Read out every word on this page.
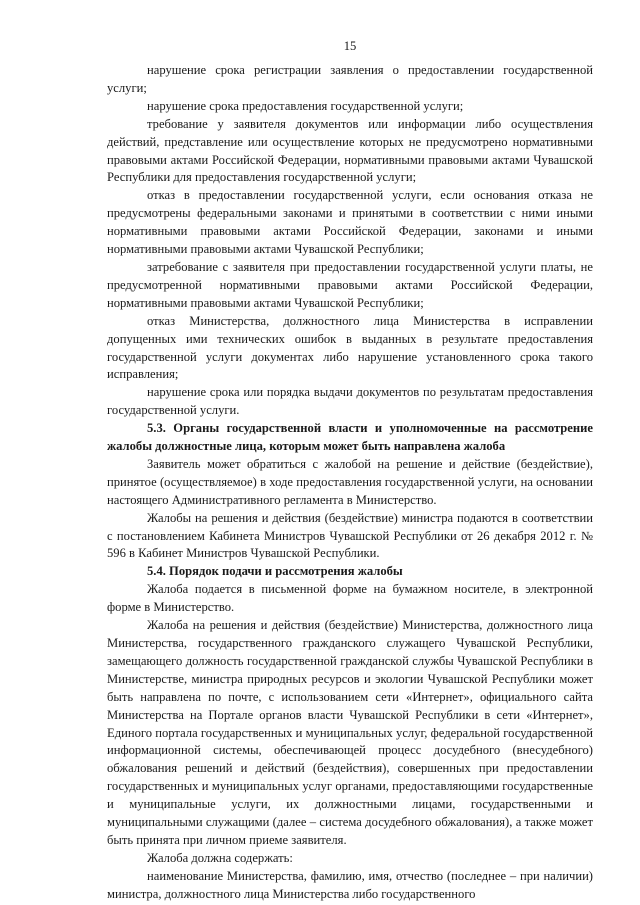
15

нарушение срока регистрации заявления о предоставлении государственной услуги;

нарушение срока предоставления государственной услуги;

требование у заявителя документов или информации либо осуществления действий, представление или осуществление которых не предусмотрено нормативными правовыми актами Российской Федерации, нормативными правовыми актами Чувашской Республики для предоставления государственной услуги;

отказ в предоставлении государственной услуги, если основания отказа не предусмотрены федеральными законами и принятыми в соответствии с ними иными нормативными правовыми актами Российской Федерации, законами и иными нормативными правовыми актами Чувашской Республики;

затребование с заявителя при предоставлении государственной услуги платы, не предусмотренной нормативными правовыми актами Российской Федерации, нормативными правовыми актами Чувашской Республики;

отказ Министерства, должностного лица Министерства в исправлении допущенных ими технических ошибок в выданных в результате предоставления государственной услуги документах либо нарушение установленного срока такого исправления;

нарушение срока или порядка выдачи документов по результатам предоставления государственной услуги.

5.3. Органы государственной власти и уполномоченные на рассмотрение жалобы должностные лица, которым может быть направлена жалоба

Заявитель может обратиться с жалобой на решение и действие (бездействие), принятое (осуществляемое) в ходе предоставления государственной услуги, на основании настоящего Административного регламента в Министерство.

Жалобы на решения и действия (бездействие) министра подаются в соответствии с постановлением Кабинета Министров Чувашской Республики от 26 декабря 2012 г. № 596 в Кабинет Министров Чувашской Республики.

5.4. Порядок подачи и рассмотрения жалобы

Жалоба подается в письменной форме на бумажном носителе, в электронной форме в Министерство.

Жалоба на решения и действия (бездействие) Министерства, должностного лица Министерства, государственного гражданского служащего Чувашской Республики, замещающего должность государственной гражданской службы Чувашской Республики в Министерстве, министра природных ресурсов и экологии Чувашской Республики может быть направлена по почте, с использованием сети «Интернет», официального сайта Министерства на Портале органов власти Чувашской Республики в сети «Интернет», Единого портала государственных и муниципальных услуг, федеральной государственной информационной системы, обеспечивающей процесс досудебного (внесудебного) обжалования решений и действий (бездействия), совершенных при предоставлении государственных и муниципальных услуг органами, предоставляющими государственные и муниципальные услуги, их должностными лицами, государственными и муниципальными служащими (далее – система досудебного обжалования), а также может быть принята при личном приеме заявителя.

Жалоба должна содержать:

наименование Министерства, фамилию, имя, отчество (последнее – при наличии) министра, должностного лица Министерства либо государственного
